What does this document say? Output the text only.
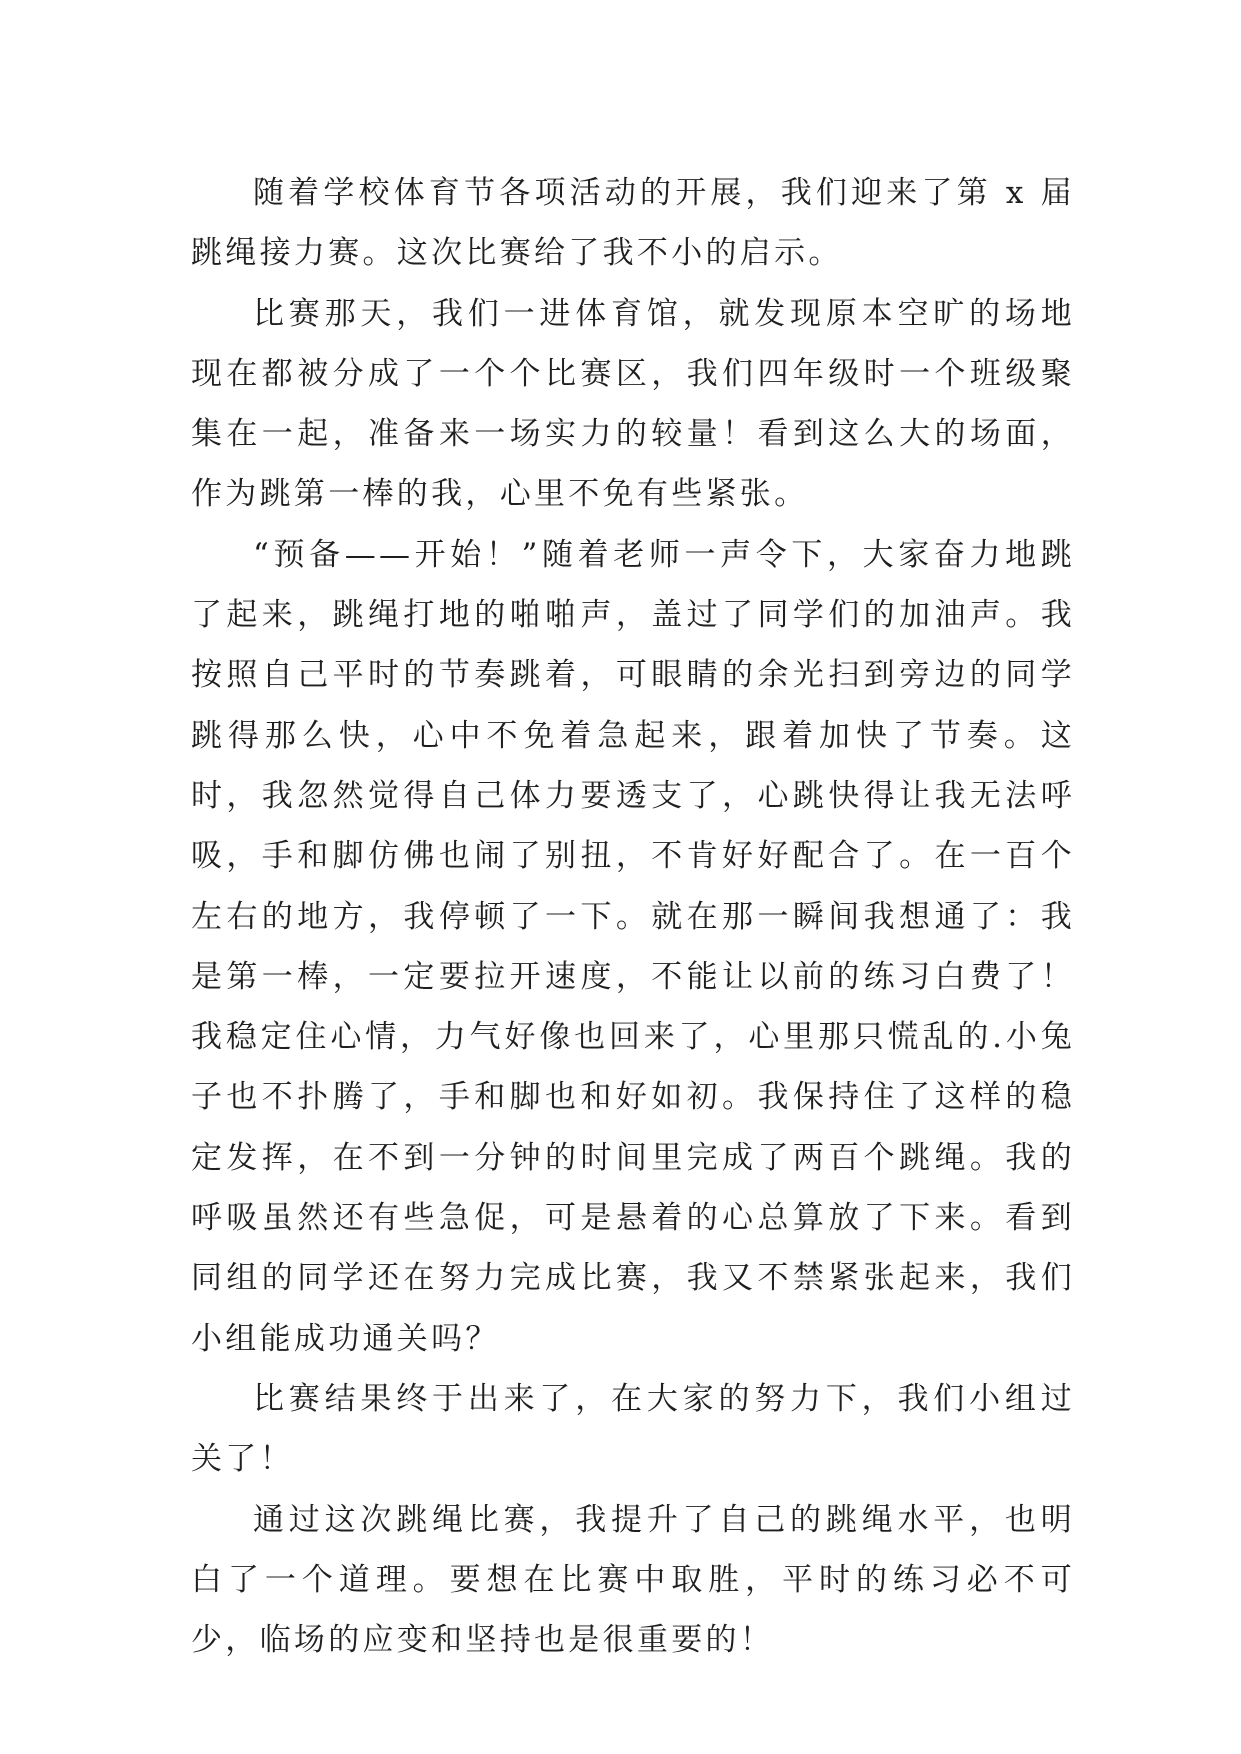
随着学校体育节各项活动的开展，我们迎来了第 x 届跳绳接力赛。这次比赛给了我不小的启示。

比赛那天，我们一进体育馆，就发现原本空旷的场地现在都被分成了一个个比赛区，我们四年级时一个班级聚集在一起，准备来一场实力的较量！看到这么大的场面，作为跳第一棒的我，心里不免有些紧张。

“预备——开始！”随着老师一声令下，大家奋力地跳了起来，跳绳打地的啪啪声，盖过了同学们的加油声。我按照自己平时的节奏跳着，可眼睛的余光扫到旁边的同学跳得那么快，心中不免着急起来，跟着加快了节奏。这时，我忽然觉得自己体力要透支了，心跳快得让我无法呼吸，手和脚仿佛也闹了别扭，不肯好好配合了。在一百个左右的地方，我停顿了一下。就在那一瞬间我想通了：我是第一棒，一定要拉开速度，不能让以前的练习白费了！我稳定住心情，力气好像也回来了，心里那只慌乱的.小兔子也不扑腾了，手和脚也和好如初。我保持住了这样的稳定发挥，在不到一分钟的时间里完成了两百个跳绳。我的呼吸虽然还有些急促，可是悬着的心总算放了下来。看到同组的同学还在努力完成比赛，我又不禁紧张起来，我们小组能成功通关吗？

比赛结果终于出来了，在大家的努力下，我们小组过关了！

通过这次跳绳比赛，我提升了自己的跳绳水平，也明白了一个道理。要想在比赛中取胜，平时的练习必不可少，临场的应变和坚持也是很重要的！
